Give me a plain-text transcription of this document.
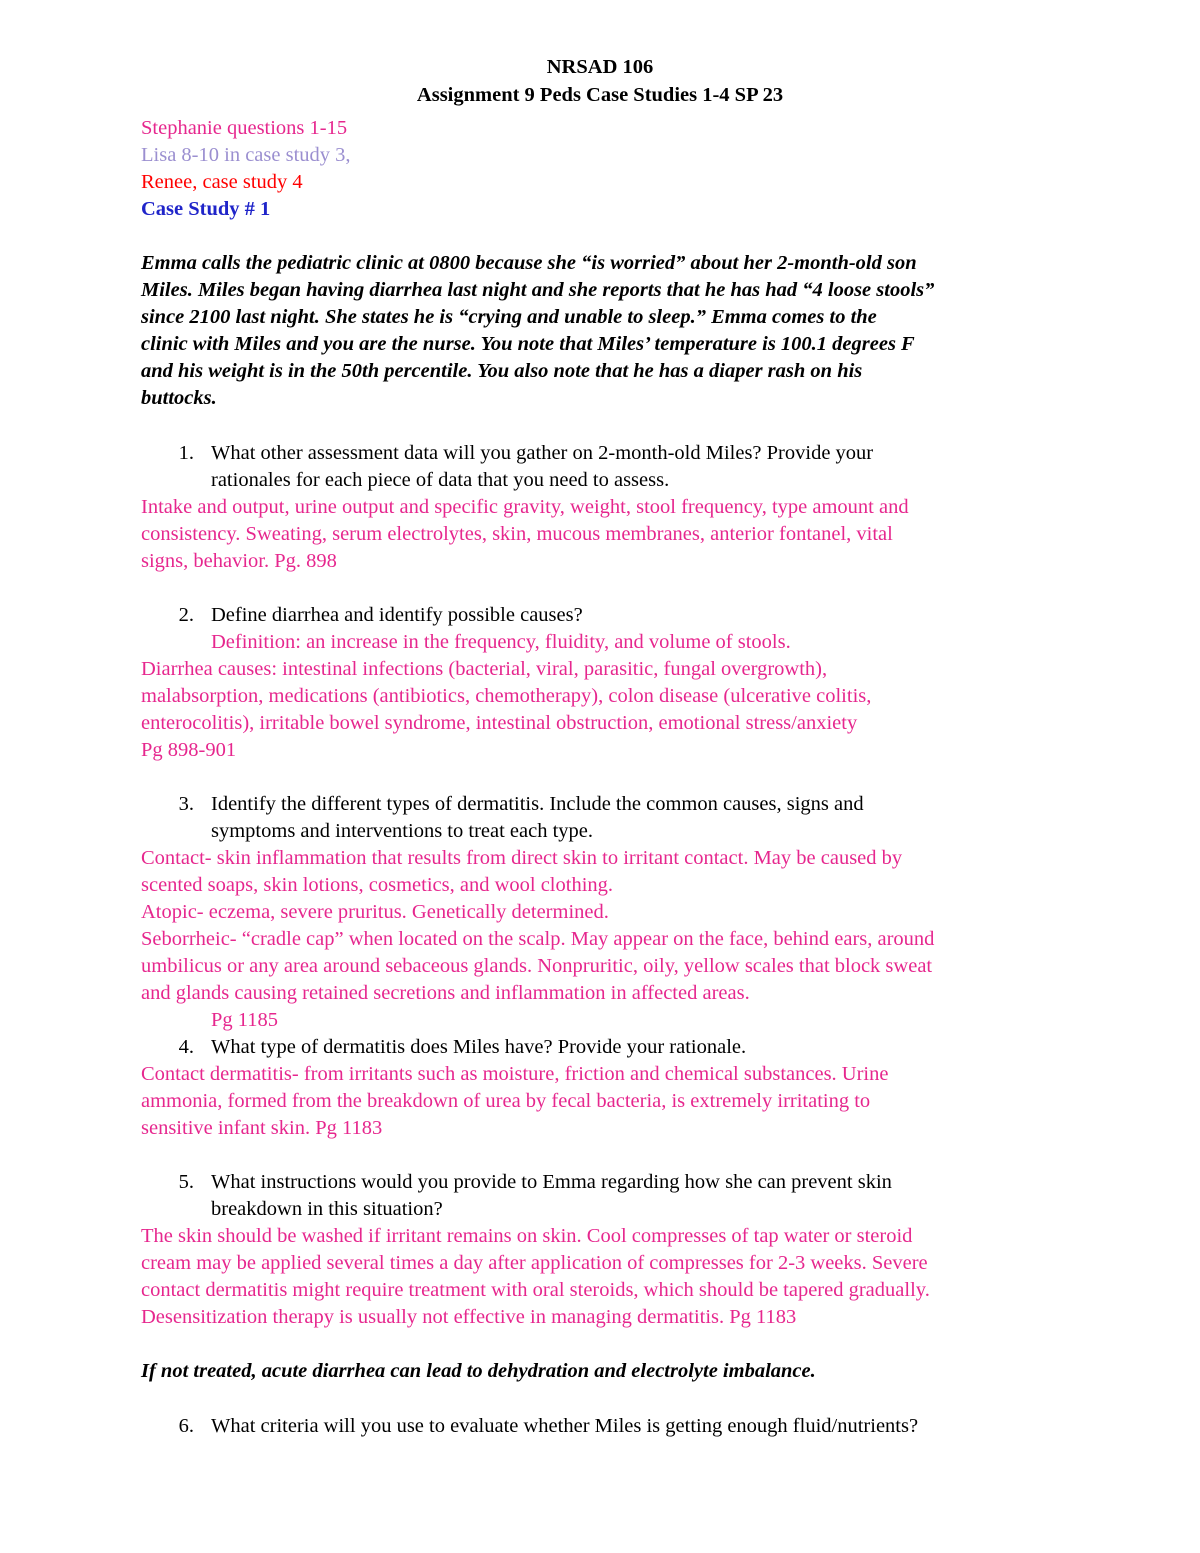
NRSAD 106
Assignment 9 Peds Case Studies 1-4 SP 23
Stephanie questions 1-15
Lisa 8-10 in case study 3,
Renee, case study 4
Case Study # 1
Emma calls the pediatric clinic at 0800 because she “is worried” about her 2-month-old son
Miles. Miles began having diarrhea last night and she reports that he has had “4 loose stools”
since 2100 last night. She states he is “crying and unable to sleep.” Emma comes to the
clinic with Miles and you are the nurse. You note that Miles’ temperature is 100.1 degrees F
and his weight is in the 50th percentile. You also note that he has a diaper rash on his
buttocks.
1. What other assessment data will you gather on 2-month-old Miles? Provide your
rationales for each piece of data that you need to assess.
Intake and output, urine output and specific gravity, weight, stool frequency, type amount and
consistency. Sweating, serum electrolytes, skin, mucous membranes, anterior fontanel, vital
signs, behavior. Pg. 898
2. Define diarrhea and identify possible causes?
Definition: an increase in the frequency, fluidity, and volume of stools.
Diarrhea causes: intestinal infections (bacterial, viral, parasitic, fungal overgrowth),
malabsorption, medications (antibiotics, chemotherapy), colon disease (ulcerative colitis,
enterocolitis), irritable bowel syndrome, intestinal obstruction, emotional stress/anxiety
Pg 898-901
3. Identify the different types of dermatitis. Include the common causes, signs and
symptoms and interventions to treat each type.
Contact- skin inflammation that results from direct skin to irritant contact. May be caused by
scented soaps, skin lotions, cosmetics, and wool clothing.
Atopic- eczema, severe pruritus. Genetically determined.
Seborrheic- “cradle cap” when located on the scalp. May appear on the face, behind ears, around
umbilicus or any area around sebaceous glands. Nonpruritic, oily, yellow scales that block sweat
and glands causing retained secretions and inflammation in affected areas.
Pg 1185
4. What type of dermatitis does Miles have? Provide your rationale.
Contact dermatitis- from irritants such as moisture, friction and chemical substances. Urine
ammonia, formed from the breakdown of urea by fecal bacteria, is extremely irritating to
sensitive infant skin. Pg 1183
5. What instructions would you provide to Emma regarding how she can prevent skin
breakdown in this situation?
The skin should be washed if irritant remains on skin. Cool compresses of tap water or steroid
cream may be applied several times a day after application of compresses for 2-3 weeks. Severe
contact dermatitis might require treatment with oral steroids, which should be tapered gradually.
Desensitization therapy is usually not effective in managing dermatitis. Pg 1183
If not treated, acute diarrhea can lead to dehydration and electrolyte imbalance.
6. What criteria will you use to evaluate whether Miles is getting enough fluid/nutrients?
